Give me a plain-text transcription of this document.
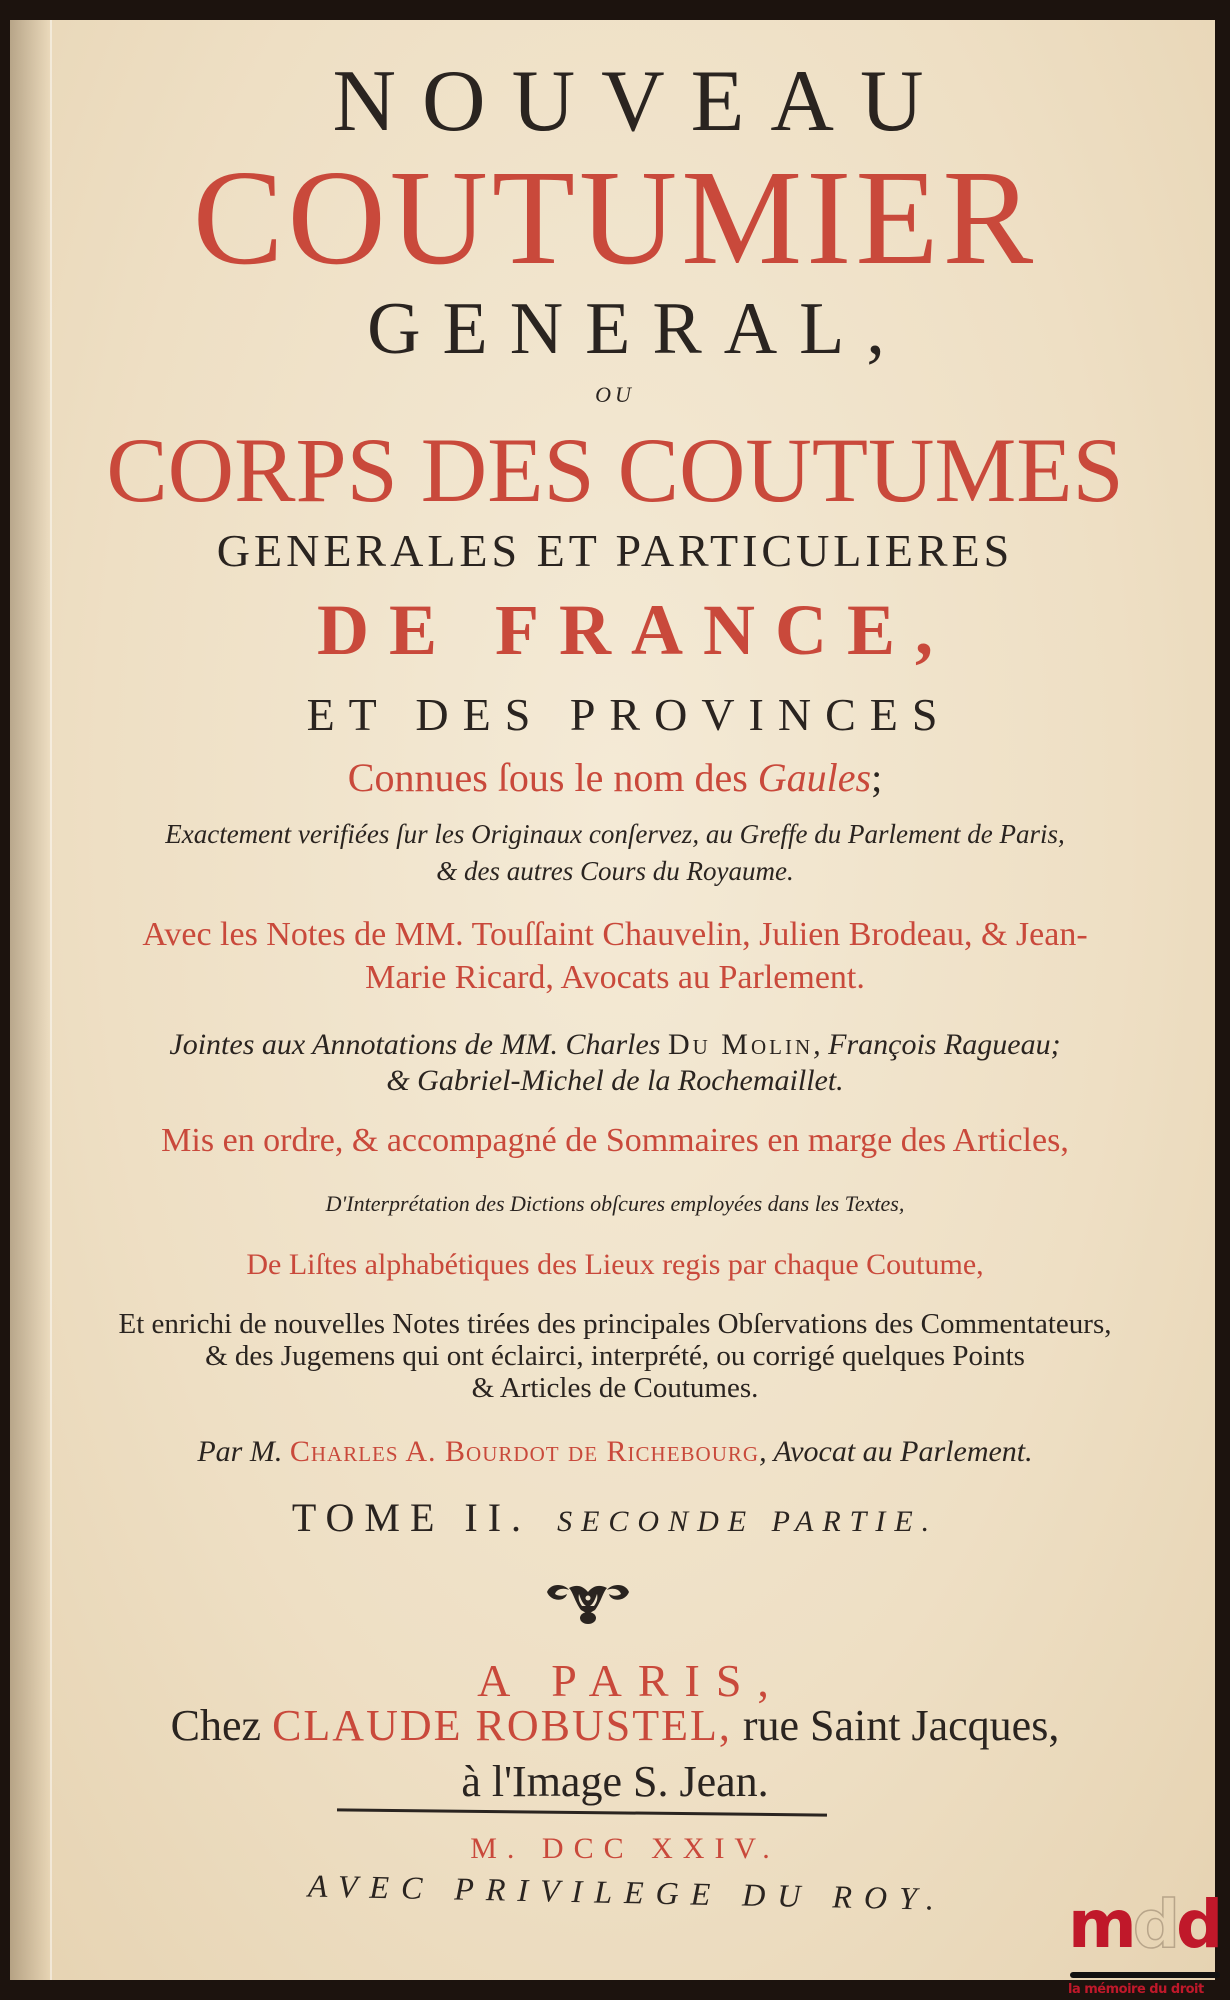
NOUVEAU
COUTUMIER
GENERAL,
OU
CORPS DES COUTUMES
GENERALES ET PARTICULIERES
DE FRANCE,
ET DES PROVINCES
Connues ſous le nom des Gaules;
Exactement verifiées ſur les Originaux conſervez, au Greffe du Parlement de Paris,
& des autres Cours du Royaume.
Avec les Notes de MM. Touſſaint Chauvelin, Julien Brodeau, & Jean-
Marie Ricard, Avocats au Parlement.
Jointes aux Annotations de MM. Charles Du Molin, François Ragueau;
& Gabriel-Michel de la Rochemaillet.
Mis en ordre, & accompagné de Sommaires en marge des Articles,
D'Interprétation des Dictions obſcures employées dans les Textes,
De Liſtes alphabétiques des Lieux regis par chaque Coutume,
Et enrichi de nouvelles Notes tirées des principales Obſervations des Commentateurs,
& des Jugemens qui ont éclairci, interprété, ou corrigé quelques Points
& Articles de Coutumes.
Par M. Charles A. Bourdot de Richebourg, Avocat au Parlement.
TOME II. SECONDE PARTIE.
A PARIS,
Chez CLAUDE ROBUSTEL, rue Saint Jacques,
à l'Image S. Jean.
M. DCC XXIV.
AVEC PRIVILEGE DU ROY.	mdd
la mémoire du droit
